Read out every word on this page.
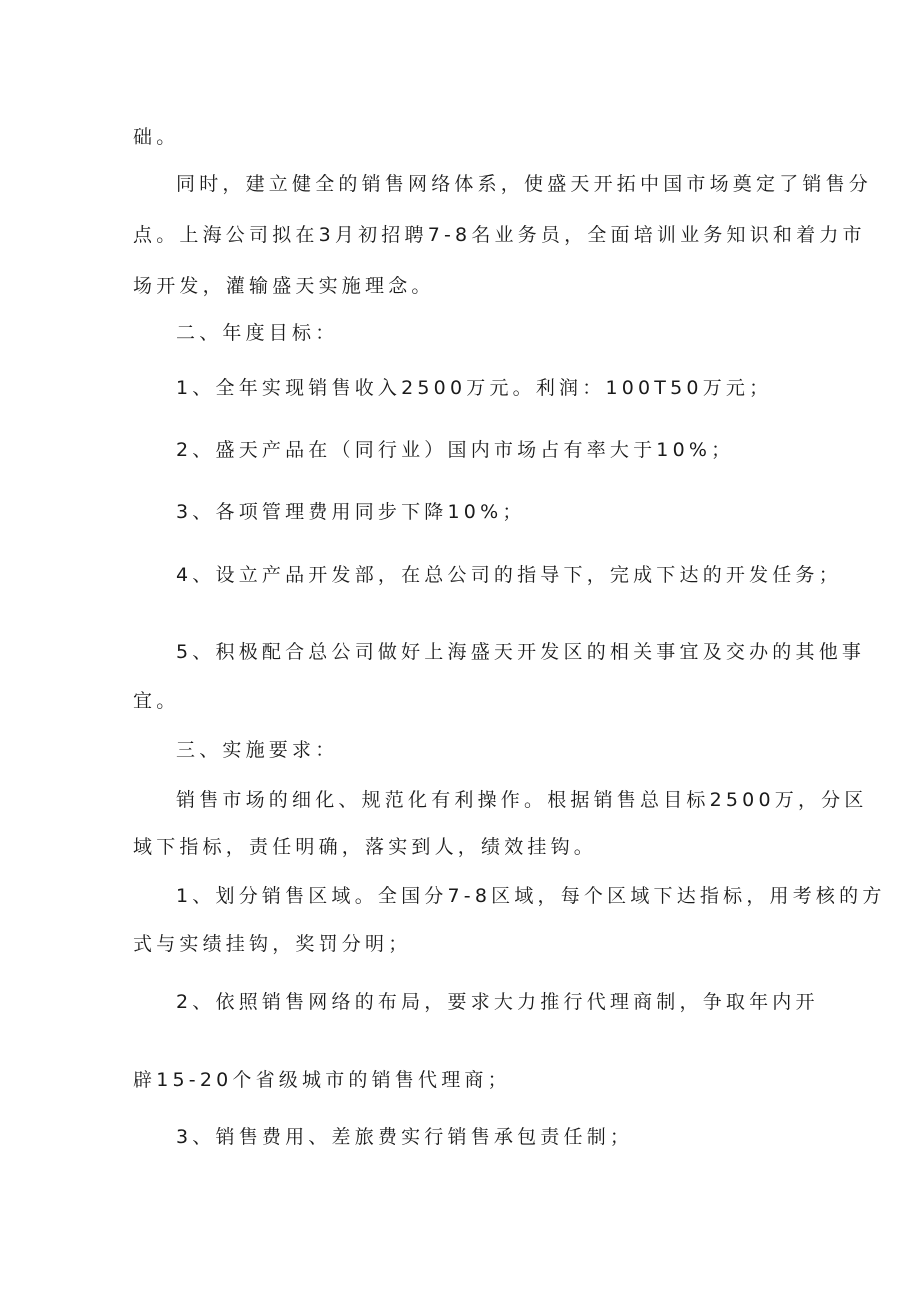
础。
同时，建立健全的销售网络体系，使盛天开拓中国市场奠定了销售分
点。上海公司拟在3月初招聘7-8名业务员，全面培训业务知识和着力市
场开发，灌输盛天实施理念。
二、年度目标：
1、全年实现销售收入2500万元。利润：100T50万元；
2、盛天产品在（同行业）国内市场占有率大于10%；
3、各项管理费用同步下降10%；
4、设立产品开发部，在总公司的指导下，完成下达的开发任务；
5、积极配合总公司做好上海盛天开发区的相关事宜及交办的其他事
宜。
三、实施要求：
销售市场的细化、规范化有利操作。根据销售总目标2500万，分区
域下指标，责任明确，落实到人，绩效挂钩。
1、划分销售区域。全国分7-8区域，每个区域下达指标，用考核的方
式与实绩挂钩，奖罚分明；
2、依照销售网络的布局，要求大力推行代理商制，争取年内开
辟15-20个省级城市的销售代理商；
3、销售费用、差旅费实行销售承包责任制；
